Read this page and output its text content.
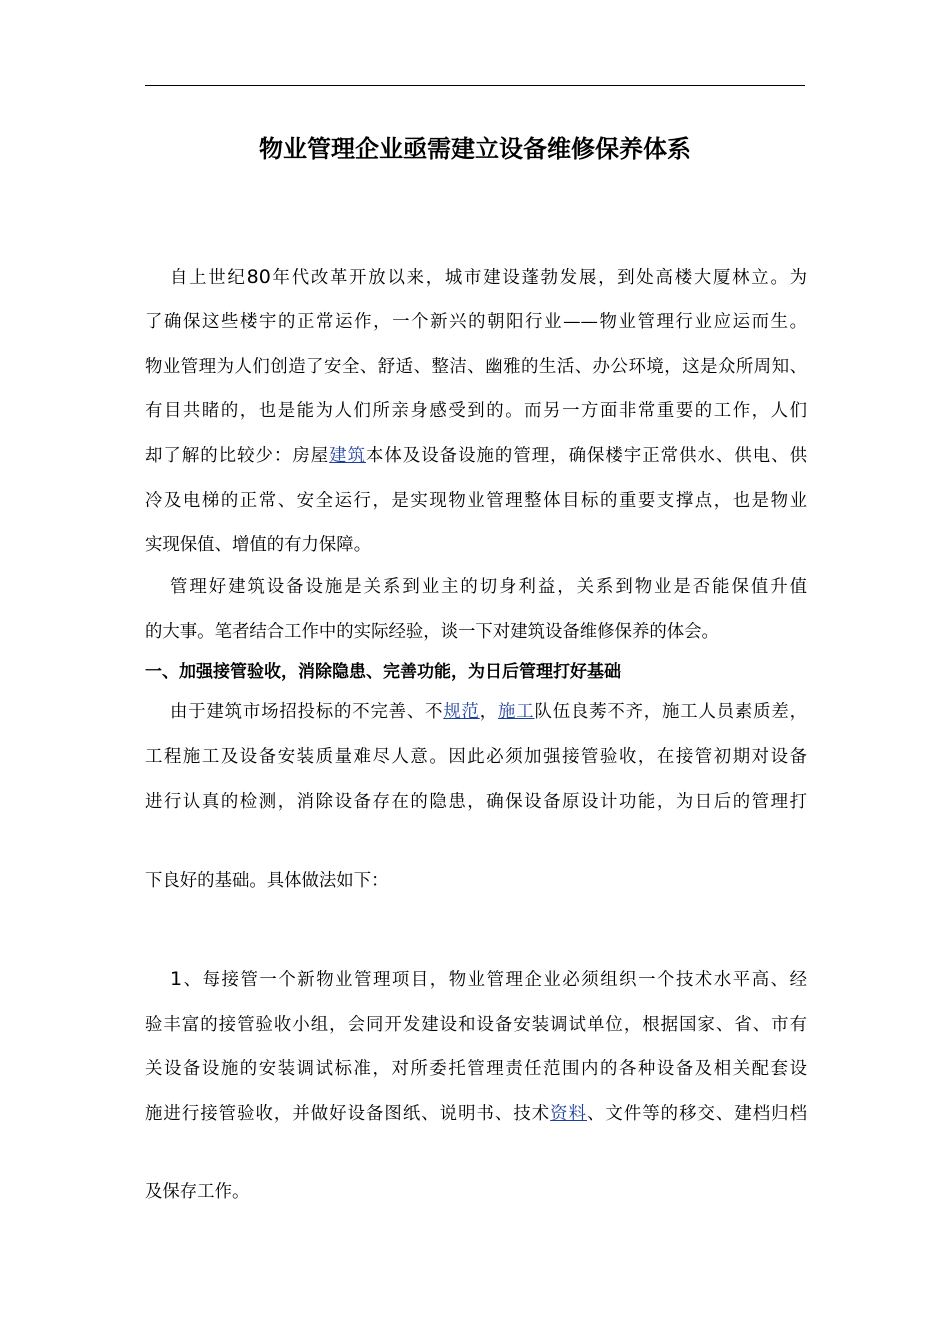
物业管理企业亟需建立设备维修保养体系
自上世纪80年代改革开放以来，城市建设蓬勃发展，到处高楼大厦林立。为
了确保这些楼宇的正常运作，一个新兴的朝阳行业——物业管理行业应运而生。
物业管理为人们创造了安全、舒适、整洁、幽雅的生活、办公环境，这是众所周知、
有目共睹的，也是能为人们所亲身感受到的。而另一方面非常重要的工作，人们
却了解的比较少：房屋建筑本体及设备设施的管理，确保楼宇正常供水、供电、供
冷及电梯的正常、安全运行，是实现物业管理整体目标的重要支撑点，也是物业
实现保值、增值的有力保障。
管理好建筑设备设施是关系到业主的切身利益，关系到物业是否能保值升值
的大事。笔者结合工作中的实际经验，谈一下对建筑设备维修保养的体会。
一、加强接管验收，消除隐患、完善功能，为日后管理打好基础
由于建筑市场招投标的不完善、不规范，施工队伍良莠不齐，施工人员素质差，
工程施工及设备安装质量难尽人意。因此必须加强接管验收，在接管初期对设备
进行认真的检测，消除设备存在的隐患，确保设备原设计功能，为日后的管理打
下良好的基础。具体做法如下：
1、每接管一个新物业管理项目，物业管理企业必须组织一个技术水平高、经
验丰富的接管验收小组，会同开发建设和设备安装调试单位，根据国家、省、市有
关设备设施的安装调试标准，对所委托管理责任范围内的各种设备及相关配套设
施进行接管验收，并做好设备图纸、说明书、技术资料、文件等的移交、建档归档
及保存工作。
